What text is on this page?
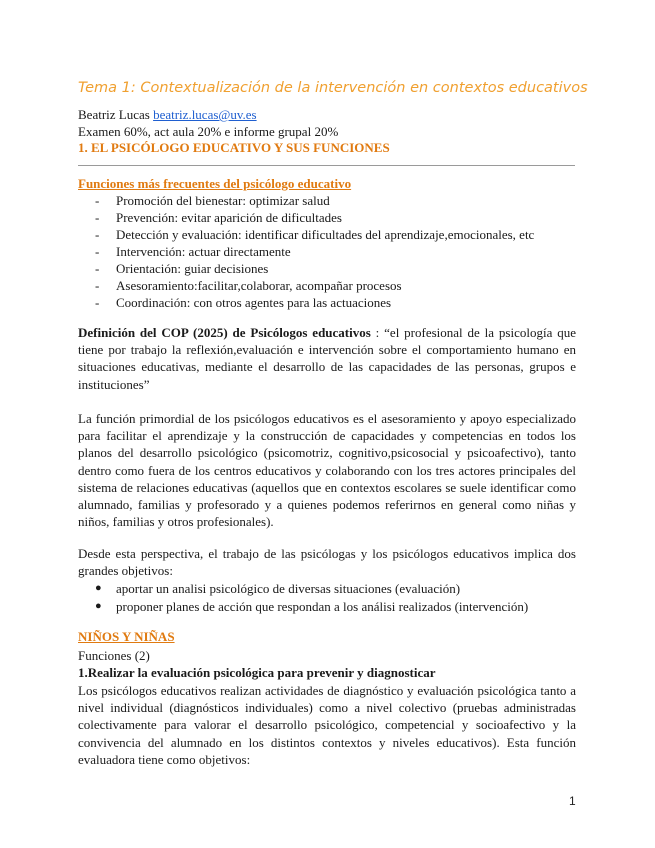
Tema 1: Contextualización de la intervención en contextos educativos
Beatriz Lucas beatriz.lucas@uv.es
Examen 60%, act aula 20% e informe grupal 20%
1. EL PSICÓLOGO EDUCATIVO Y SUS FUNCIONES
Funciones más frecuentes del psicólogo educativo
- Promoción del bienestar: optimizar salud
- Prevención: evitar aparición de dificultades
- Detección y evaluación: identificar dificultades del aprendizaje,emocionales, etc
- Intervención: actuar directamente
- Orientación: guiar decisiones
- Asesoramiento:facilitar,colaborar, acompañar procesos
- Coordinación: con otros agentes para las actuaciones

Definición del COP (2025) de Psicólogos educativos : “el profesional de la psicología que tiene por trabajo la reflexión,evaluación e intervención sobre el comportamiento humano en situaciones educativas, mediante el desarrollo de las capacidades de las personas, grupos e instituciones”

La función primordial de los psicólogos educativos es el asesoramiento y apoyo especializado para facilitar el aprendizaje y la construcción de capacidades y competencias en todos los planos del desarrollo psicológico (psicomotriz, cognitivo,psicosocial y psicoafectivo), tanto dentro como fuera de los centros educativos y colaborando con los tres actores principales del sistema de relaciones educativas (aquellos que en contextos escolares se suele identificar como alumnado, familias y profesorado y a quienes podemos referirnos en general como niñas y niños, familias y otros profesionales).

Desde esta perspectiva, el trabajo de las psicólogas y los psicólogos educativos implica dos grandes objetivos:

● aportar un analisi psicológico de diversas situaciones (evaluación)
● proponer planes de acción que respondan a los análisi realizados (intervención)
NIÑOS Y NIÑAS
Funciones (2)
1.Realizar la evaluación psicológica para prevenir y diagnosticar

Los psicólogos educativos realizan actividades de diagnóstico y evaluación psicológica tanto a nivel individual (diagnósticos individuales) como a nivel colectivo (pruebas administradas colectivamente para valorar el desarrollo psicológico, competencial y socioafectivo y la convivencia del alumnado en los distintos contextos y niveles educativos). Esta función evaluadora tiene como objetivos:

1
